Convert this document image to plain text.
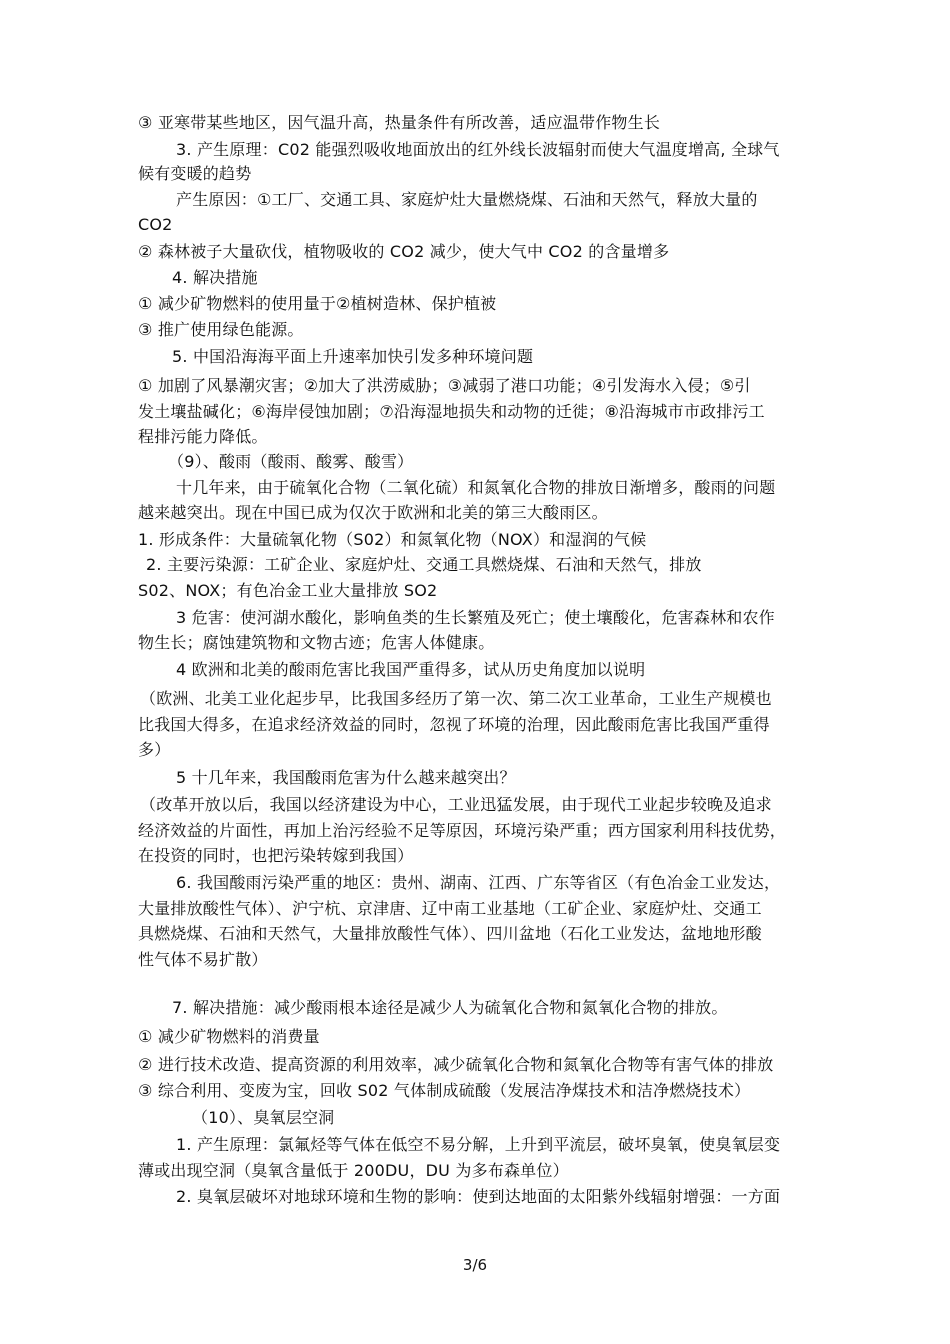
③ 亚寒带某些地区，因气温升高，热量条件有所改善，适应温带作物生长
3. 产生原理：C02 能强烈吸收地面放出的红外线长波辐射而使大气温度增高, 全球气
候有变暖的趋势
产生原因：①工厂、交通工具、家庭炉灶大量燃烧煤、石油和天然气，释放大量的
CO2
② 森林被子大量砍伐，植物吸收的 CO2 减少，使大气中 CO2 的含量增多
4. 解决措施
① 减少矿物燃料的使用量于②植树造林、保护植被
③ 推广使用绿色能源。
5. 中国沿海海平面上升速率加快引发多种环境问题
① 加剧了风暴潮灾害；②加大了洪涝威胁；③减弱了港口功能；④引发海水入侵；⑤引
发土壤盐碱化；⑥海岸侵蚀加剧；⑦沿海湿地损失和动物的迁徙；⑧沿海城市市政排污工
程排污能力降低。
（9）、酸雨（酸雨、酸雾、酸雪）
十几年来，由于硫氧化合物（二氧化硫）和氮氧化合物的排放日渐增多，酸雨的问题
越来越突出。现在中国已成为仅次于欧洲和北美的第三大酸雨区。
1. 形成条件：大量硫氧化物（S02）和氮氧化物（NOX）和湿润的气候
2. 主要污染源：工矿企业、家庭炉灶、交通工具燃烧煤、石油和天然气，排放
S02、NOX；有色冶金工业大量排放 SO2
3 危害：使河湖水酸化，影响鱼类的生长繁殖及死亡；使土壤酸化，危害森林和农作
物生长；腐蚀建筑物和文物古迹；危害人体健康。
4 欧洲和北美的酸雨危害比我国严重得多，试从历史角度加以说明
（欧洲、北美工业化起步早，比我国多经历了第一次、第二次工业革命，工业生产规模也
比我国大得多，在追求经济效益的同时，忽视了环境的治理，因此酸雨危害比我国严重得
多）
5 十几年来，我国酸雨危害为什么越来越突出？
（改革开放以后，我国以经济建设为中心，工业迅猛发展，由于现代工业起步较晚及追求
经济效益的片面性，再加上治污经验不足等原因，环境污染严重；西方国家利用科技优势，
在投资的同时，也把污染转嫁到我国）
6. 我国酸雨污染严重的地区：贵州、湖南、江西、广东等省区（有色冶金工业发达，
大量排放酸性气体）、沪宁杭、京津唐、辽中南工业基地（工矿企业、家庭炉灶、交通工
具燃烧煤、石油和天然气，大量排放酸性气体）、四川盆地（石化工业发达，盆地地形酸
性气体不易扩散）
7. 解决措施：减少酸雨根本途径是减少人为硫氧化合物和氮氧化合物的排放。
① 减少矿物燃料的消费量
② 进行技术改造、提高资源的利用效率，减少硫氧化合物和氮氧化合物等有害气体的排放
③ 综合利用、变废为宝，回收 S02 气体制成硫酸（发展洁净煤技术和洁净燃烧技术）
（10）、臭氧层空洞
1. 产生原理：氯氟烃等气体在低空不易分解，上升到平流层，破坏臭氧，使臭氧层变
薄或出现空洞（臭氧含量低于 200DU，DU 为多布森单位）
2. 臭氧层破坏对地球环境和生物的影响：使到达地面的太阳紫外线辐射增强：一方面
3/6
